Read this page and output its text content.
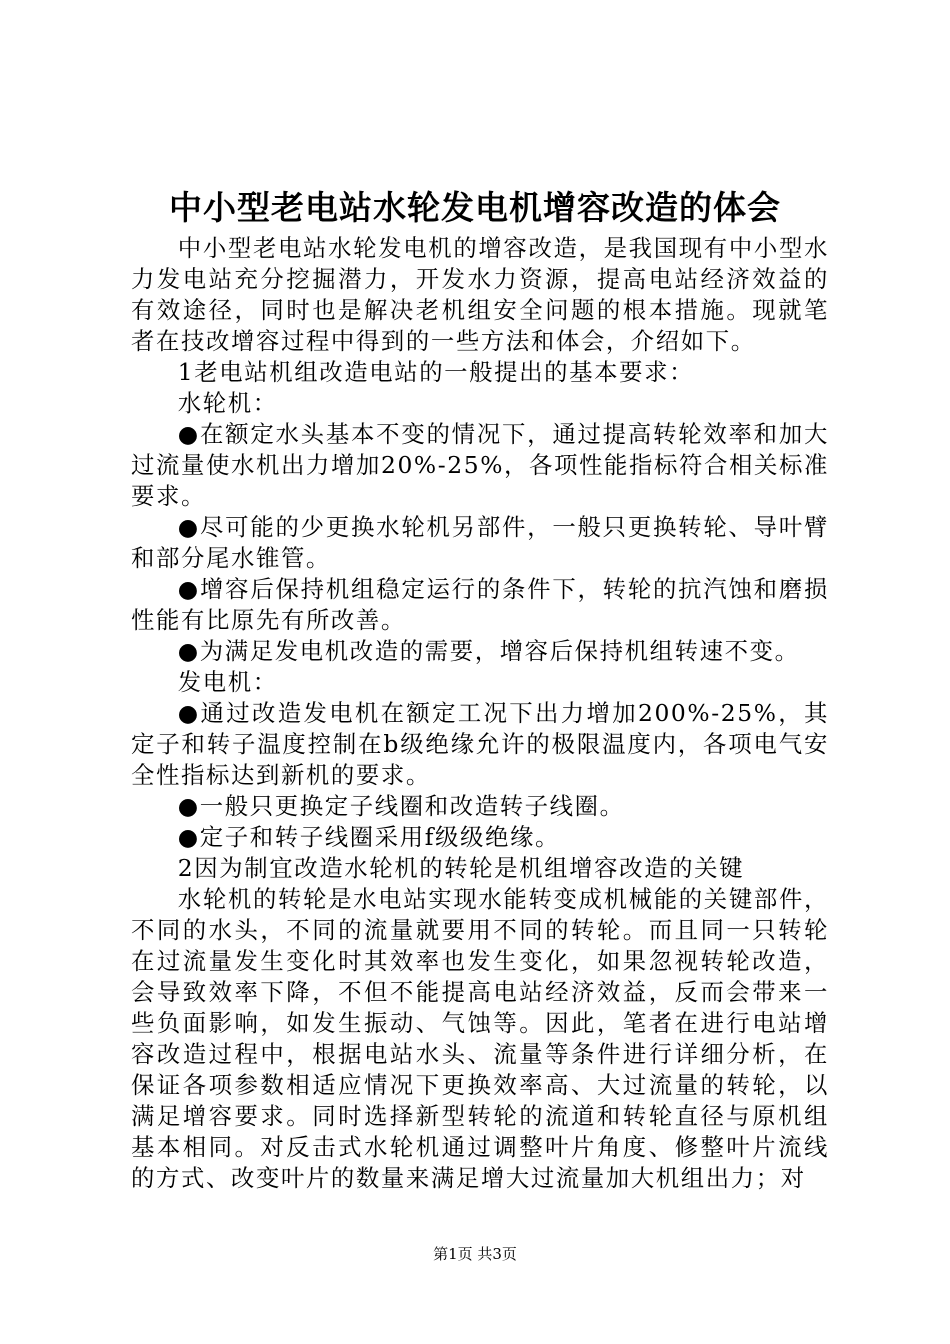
中小型老电站水轮发电机增容改造的体会

中小型老电站水轮发电机的增容改造，是我国现有中小型水力发电站充分挖掘潜力，开发水力资源，提高电站经济效益的有效途径，同时也是解决老机组安全问题的根本措施。现就笔者在技改增容过程中得到的一些方法和体会，介绍如下。

1老电站机组改造电站的一般提出的基本要求：

水轮机：

●在额定水头基本不变的情况下，通过提高转轮效率和加大过流量使水机出力增加20%-25%，各项性能指标符合相关标准要求。

●尽可能的少更换水轮机另部件，一般只更换转轮、导叶臂和部分尾水锥管。

●增容后保持机组稳定运行的条件下，转轮的抗汽蚀和磨损性能有比原先有所改善。

●为满足发电机改造的需要，增容后保持机组转速不变。

发电机：

●通过改造发电机在额定工况下出力增加200%-25%，其定子和转子温度控制在b级绝缘允许的极限温度内，各项电气安全性指标达到新机的要求。

●一般只更换定子线圈和改造转子线圈。

●定子和转子线圈采用f级级绝缘。

2因为制宜改造水轮机的转轮是机组增容改造的关键

水轮机的转轮是水电站实现水能转变成机械能的关键部件，不同的水头，不同的流量就要用不同的转轮。而且同一只转轮在过流量发生变化时其效率也发生变化，如果忽视转轮改造，会导致效率下降，不但不能提高电站经济效益，反而会带来一些负面影响，如发生振动、气蚀等。因此，笔者在进行电站增容改造过程中，根据电站水头、流量等条件进行详细分析，在保证各项参数相适应情况下更换效率高、大过流量的转轮，以满足增容要求。同时选择新型转轮的流道和转轮直径与原机组基本相同。对反击式水轮机通过调整叶片角度、修整叶片流线的方式、改变叶片的数量来满足增大过流量加大机组出力；对

第1页 共3页
